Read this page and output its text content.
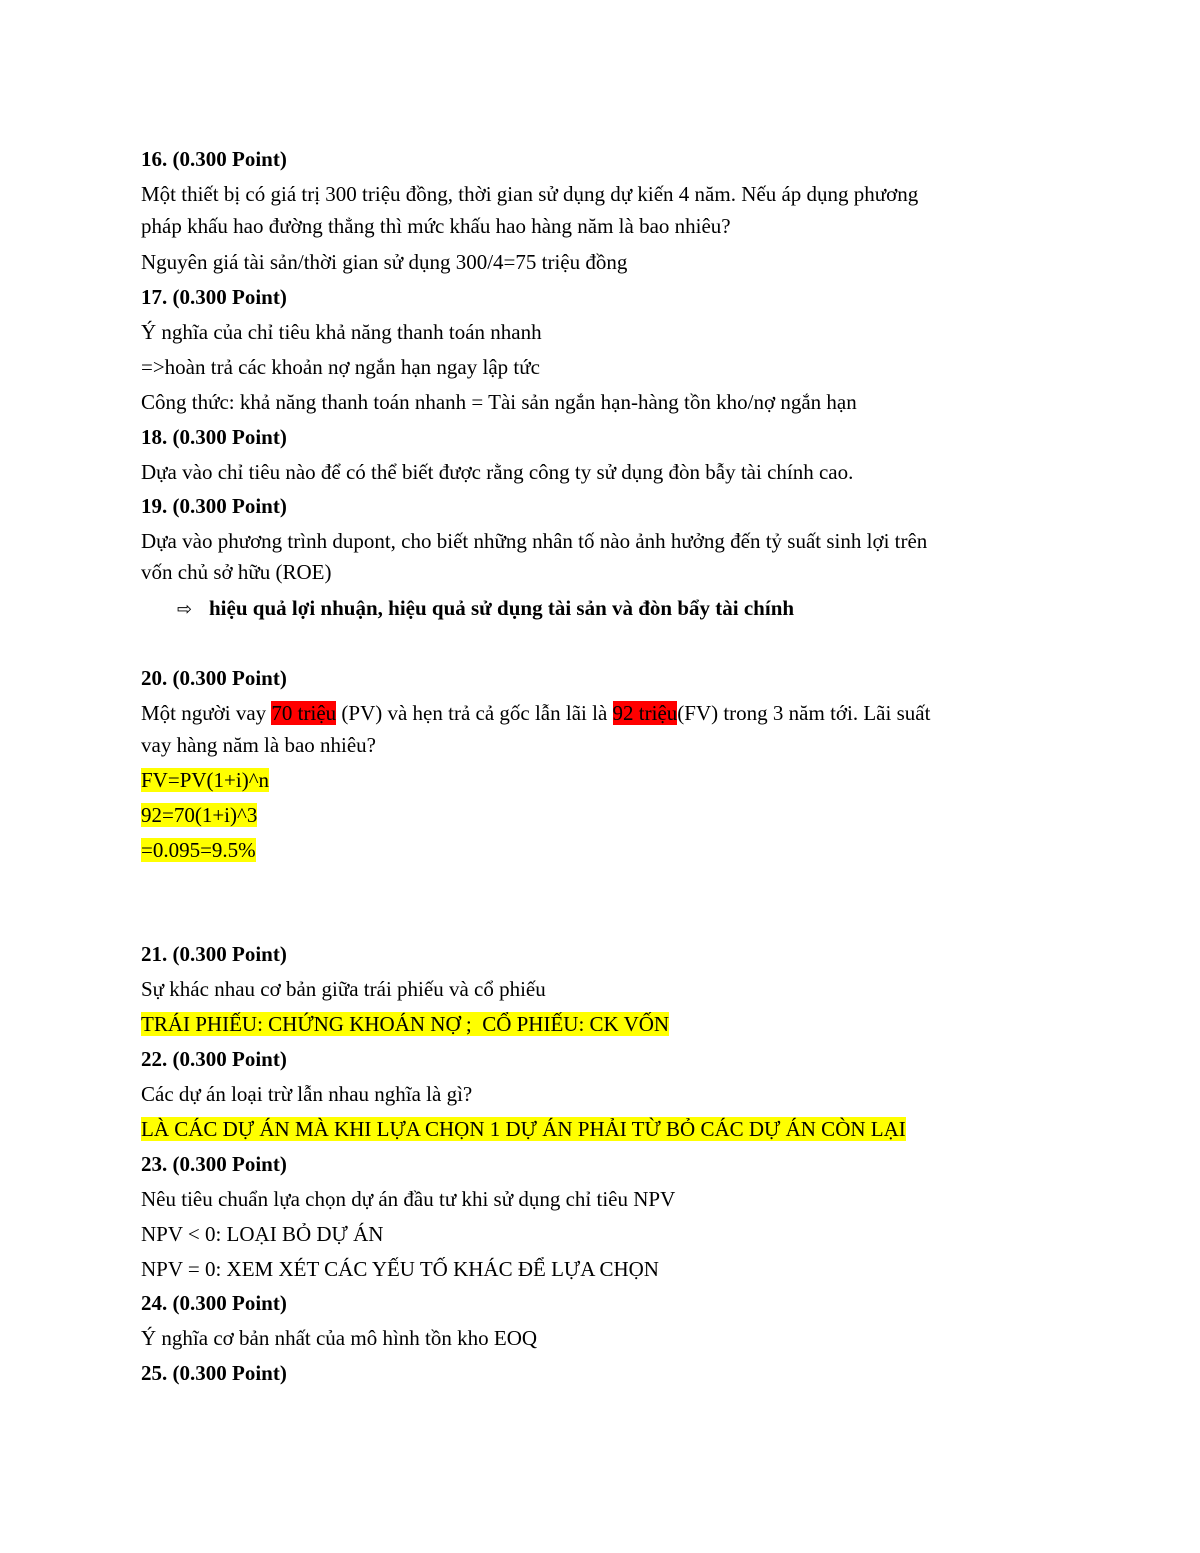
16. (0.300 Point)
Một thiết bị có giá trị 300 triệu đồng, thời gian sử dụng dự kiến 4 năm. Nếu áp dụng phương
pháp khấu hao đường thẳng thì mức khấu hao hàng năm là bao nhiêu?
Nguyên giá tài sản/thời gian sử dụng 300/4=75 triệu đồng
17. (0.300 Point)
Ý nghĩa của chỉ tiêu khả năng thanh toán nhanh
=>hoàn trả các khoản nợ ngắn hạn ngay lập tức
Công thức: khả năng thanh toán nhanh = Tài sản ngắn hạn-hàng tồn kho/nợ ngắn hạn
18. (0.300 Point)
Dựa vào chỉ tiêu nào để có thể biết được rằng công ty sử dụng đòn bẫy tài chính cao.
19. (0.300 Point)
Dựa vào phương trình dupont, cho biết những nhân tố nào ảnh hưởng đến tỷ suất sinh lợi trên
vốn chủ sở hữu (ROE)
⇨ hiệu quả lợi nhuận, hiệu quả sử dụng tài sản và đòn bẩy tài chính
20. (0.300 Point)
Một người vay 70 triệu (PV) và hẹn trả cả gốc lẫn lãi là 92 triệu(FV) trong 3 năm tới. Lãi suất
vay hàng năm là bao nhiêu?
FV=PV(1+i)^n
92=70(1+i)^3
=0.095=9.5%
21. (0.300 Point)
Sự khác nhau cơ bản giữa trái phiếu và cổ phiếu
TRÁI PHIẾU: CHỨNG KHOÁN NỢ ;  CỔ PHIẾU: CK VỐN
22. (0.300 Point)
Các dự án loại trừ lẫn nhau nghĩa là gì?
LÀ CÁC DỰ ÁN MÀ KHI LỰA CHỌN 1 DỰ ÁN PHẢI TỪ BỎ CÁC DỰ ÁN CÒN LẠI
23. (0.300 Point)
Nêu tiêu chuẩn lựa chọn dự án đầu tư khi sử dụng chỉ tiêu NPV
NPV < 0: LOẠI BỎ DỰ ÁN
NPV = 0: XEM XÉT CÁC YẾU TỐ KHÁC ĐỂ LỰA CHỌN
24. (0.300 Point)
Ý nghĩa cơ bản nhất của mô hình tồn kho EOQ
25. (0.300 Point)
